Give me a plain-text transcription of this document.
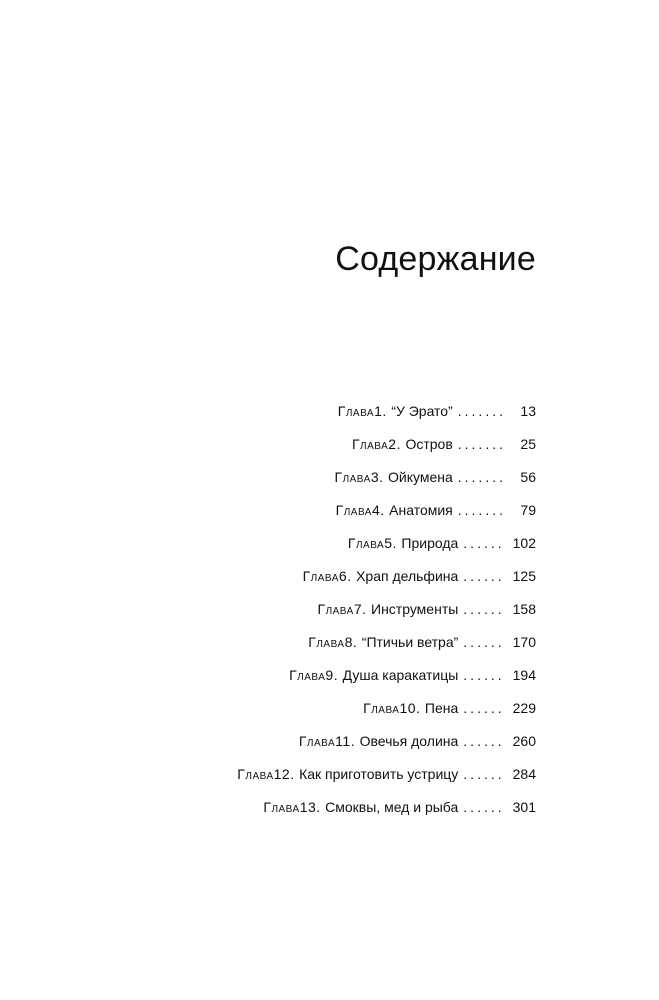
Содержание
Глава 1 . “У Эрато” .......	13
Глава 2 . Остров .......	25
Глава 3 . Ойкумена .......	56
Глава 4 . Анатомия .......	79
Глава 5 . Природа ...... 102
Глава 6 . Храп дельфина ...... 125
Глава 7 . Инструменты ...... 158
Глава 8 . “Птичьи ветра” ...... 170
Глава 9 . Душа каракатицы ...... 194
Глава 10 . Пена ...... 229
Глава 11 . Овечья долина ...... 260
Глава 12 . Как приготовить устрицу ...... 284
Глава 13 . Смоквы, мед и рыба ...... 301
